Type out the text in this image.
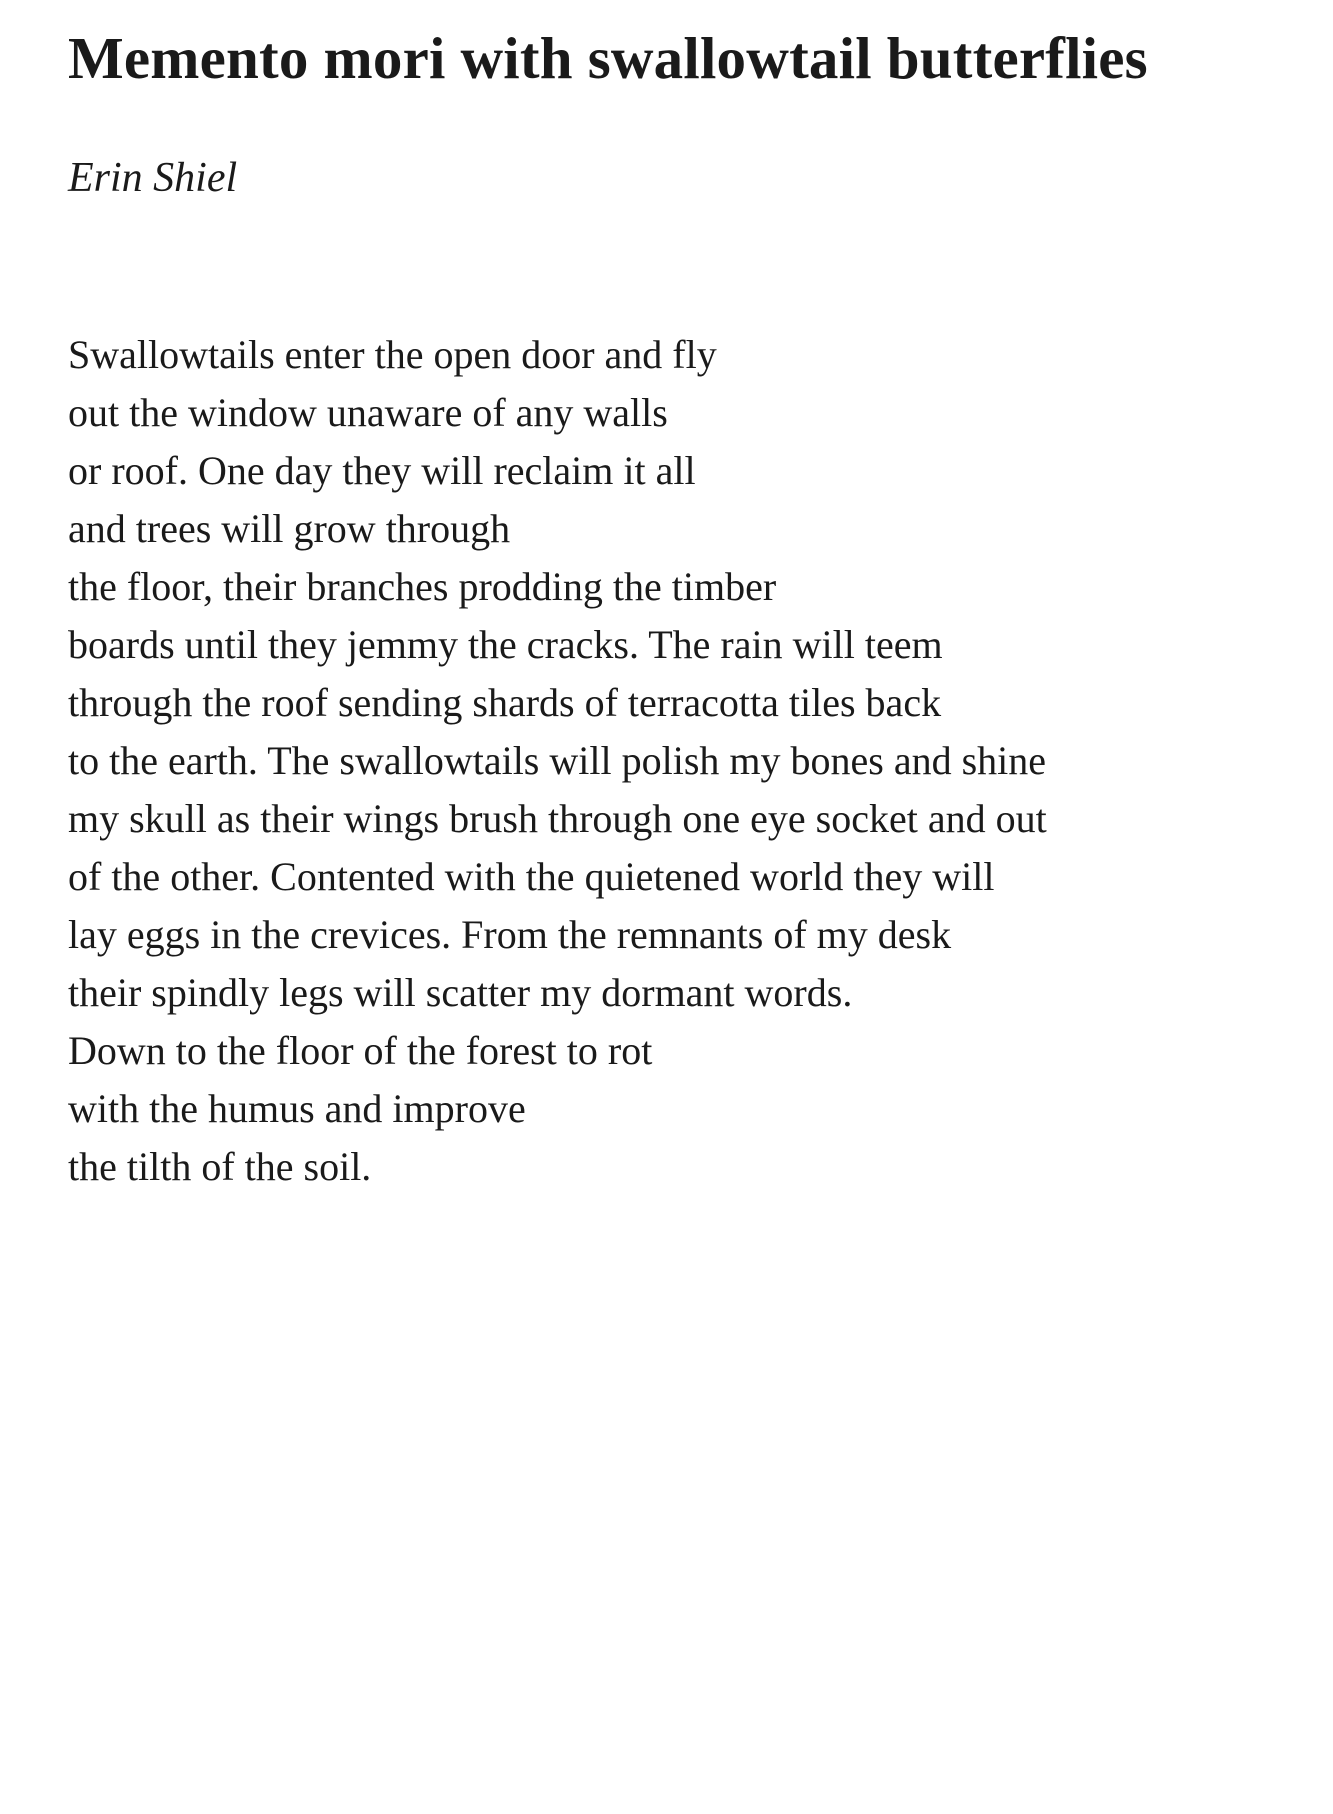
Memento mori with swallowtail butterflies

Erin Shiel

Swallowtails enter the open door and fly
out the window unaware of any walls
or roof. One day they will reclaim it all
and trees will grow through
the floor, their branches prodding the timber
boards until they jemmy the cracks. The rain will teem
through the roof sending shards of terracotta tiles back
to the earth. The swallowtails will polish my bones and shine
my skull as their wings brush through one eye socket and out
of the other. Contented with the quietened world they will
lay eggs in the crevices. From the remnants of my desk
their spindly legs will scatter my dormant words.
Down to the floor of the forest to rot
with the humus and improve
the tilth of the soil.
